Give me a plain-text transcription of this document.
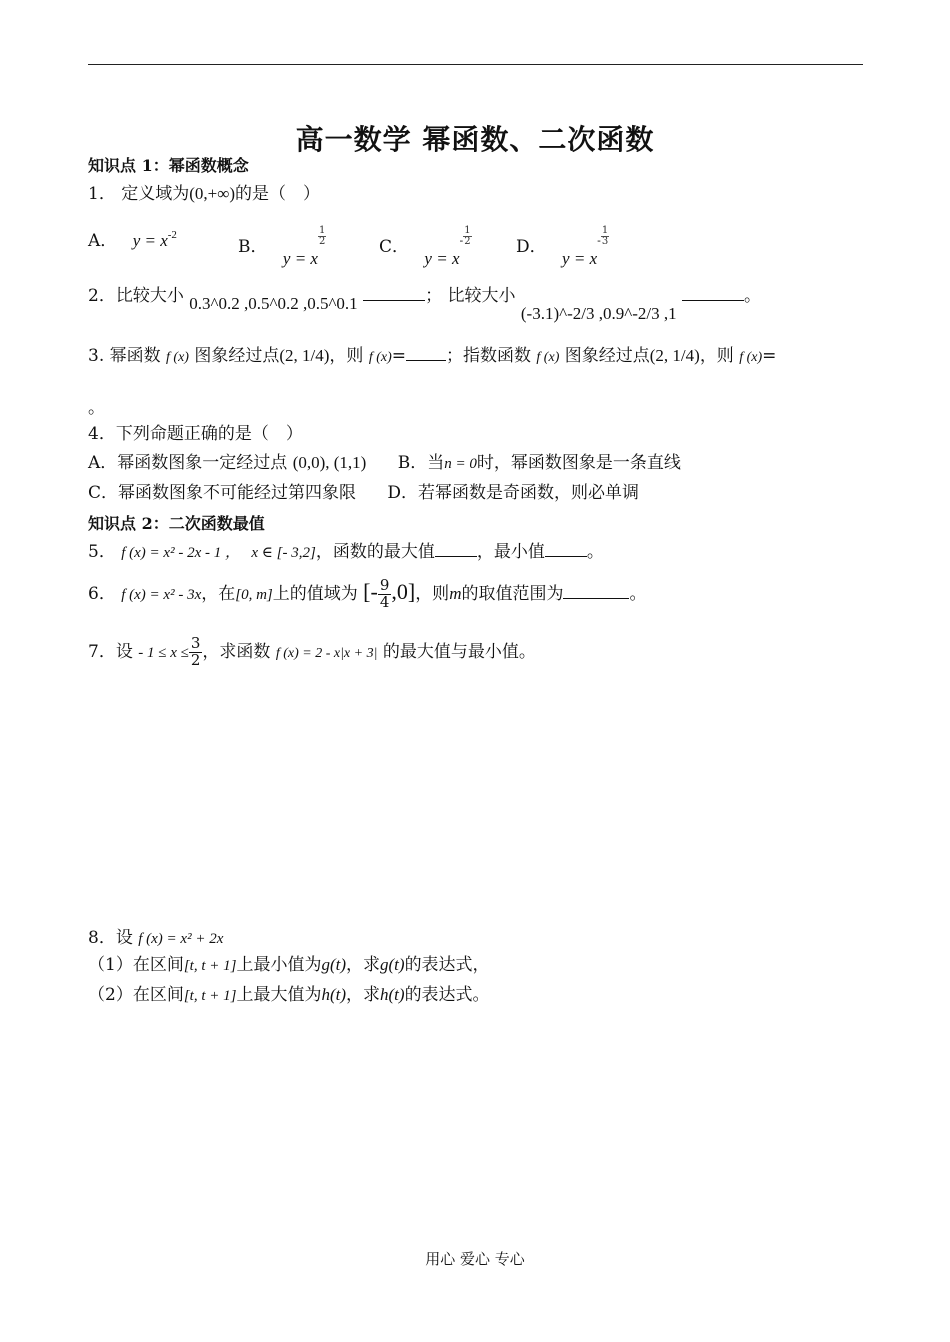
高一数学 幂函数、二次函数
知识点 1：幂函数概念
1． 定义域为(0,+∞)的是（　）
A． $y = x^{-2}$
B． y = x
$\frac{1}{2}$	C． $y = x^- \frac{1}{2}$	D． $y = x^- \frac{1}{3}$
2．比较大小 0.3^0.2 ,0.5^0.2 ,0.5^0.1	； 比较大小 (-3.1)^-2/3 ,0.9^-2/3 ,1 。
3. 幂函数 f (x) 图象经过点(2, 1/4)，则 f (x)= ；指数函数 f (x) 图象经过点(2, 1/4)，则 f (x)=
。
4．下列命题正确的是（　）
A．幂函数图象一定经过点 (0,0), (1,1) B．当n = 0时，幂函数图象是一条直线
C．幂函数图象不可能经过第四象限 D．若幂函数是奇函数，则必单调
知识点 2：二次函数最值
5． f (x) = x² - 2x - 1 ， x ∈ [- 3,2]，函数的最大值 ，最小值 。
6． f (x) = x² - 3x，在[0, m]上的值域为 [- $\frac{9}{4} ,0$]，则m的取值范围为	。
7．设 - $1 \le x \le \frac{3}{2}$ ，求函数 f (x) = 2 - x|x + 3| 的最大值与最小值。
8．设 f (x) = x² + 2x
（1）在区间[t, t + 1]上最小值为g(t)，求g(t)的表达式，
（2）在区间[t, t + 1]上最大值为h(t)，求h(t)的表达式。
用心 爱心 专心
